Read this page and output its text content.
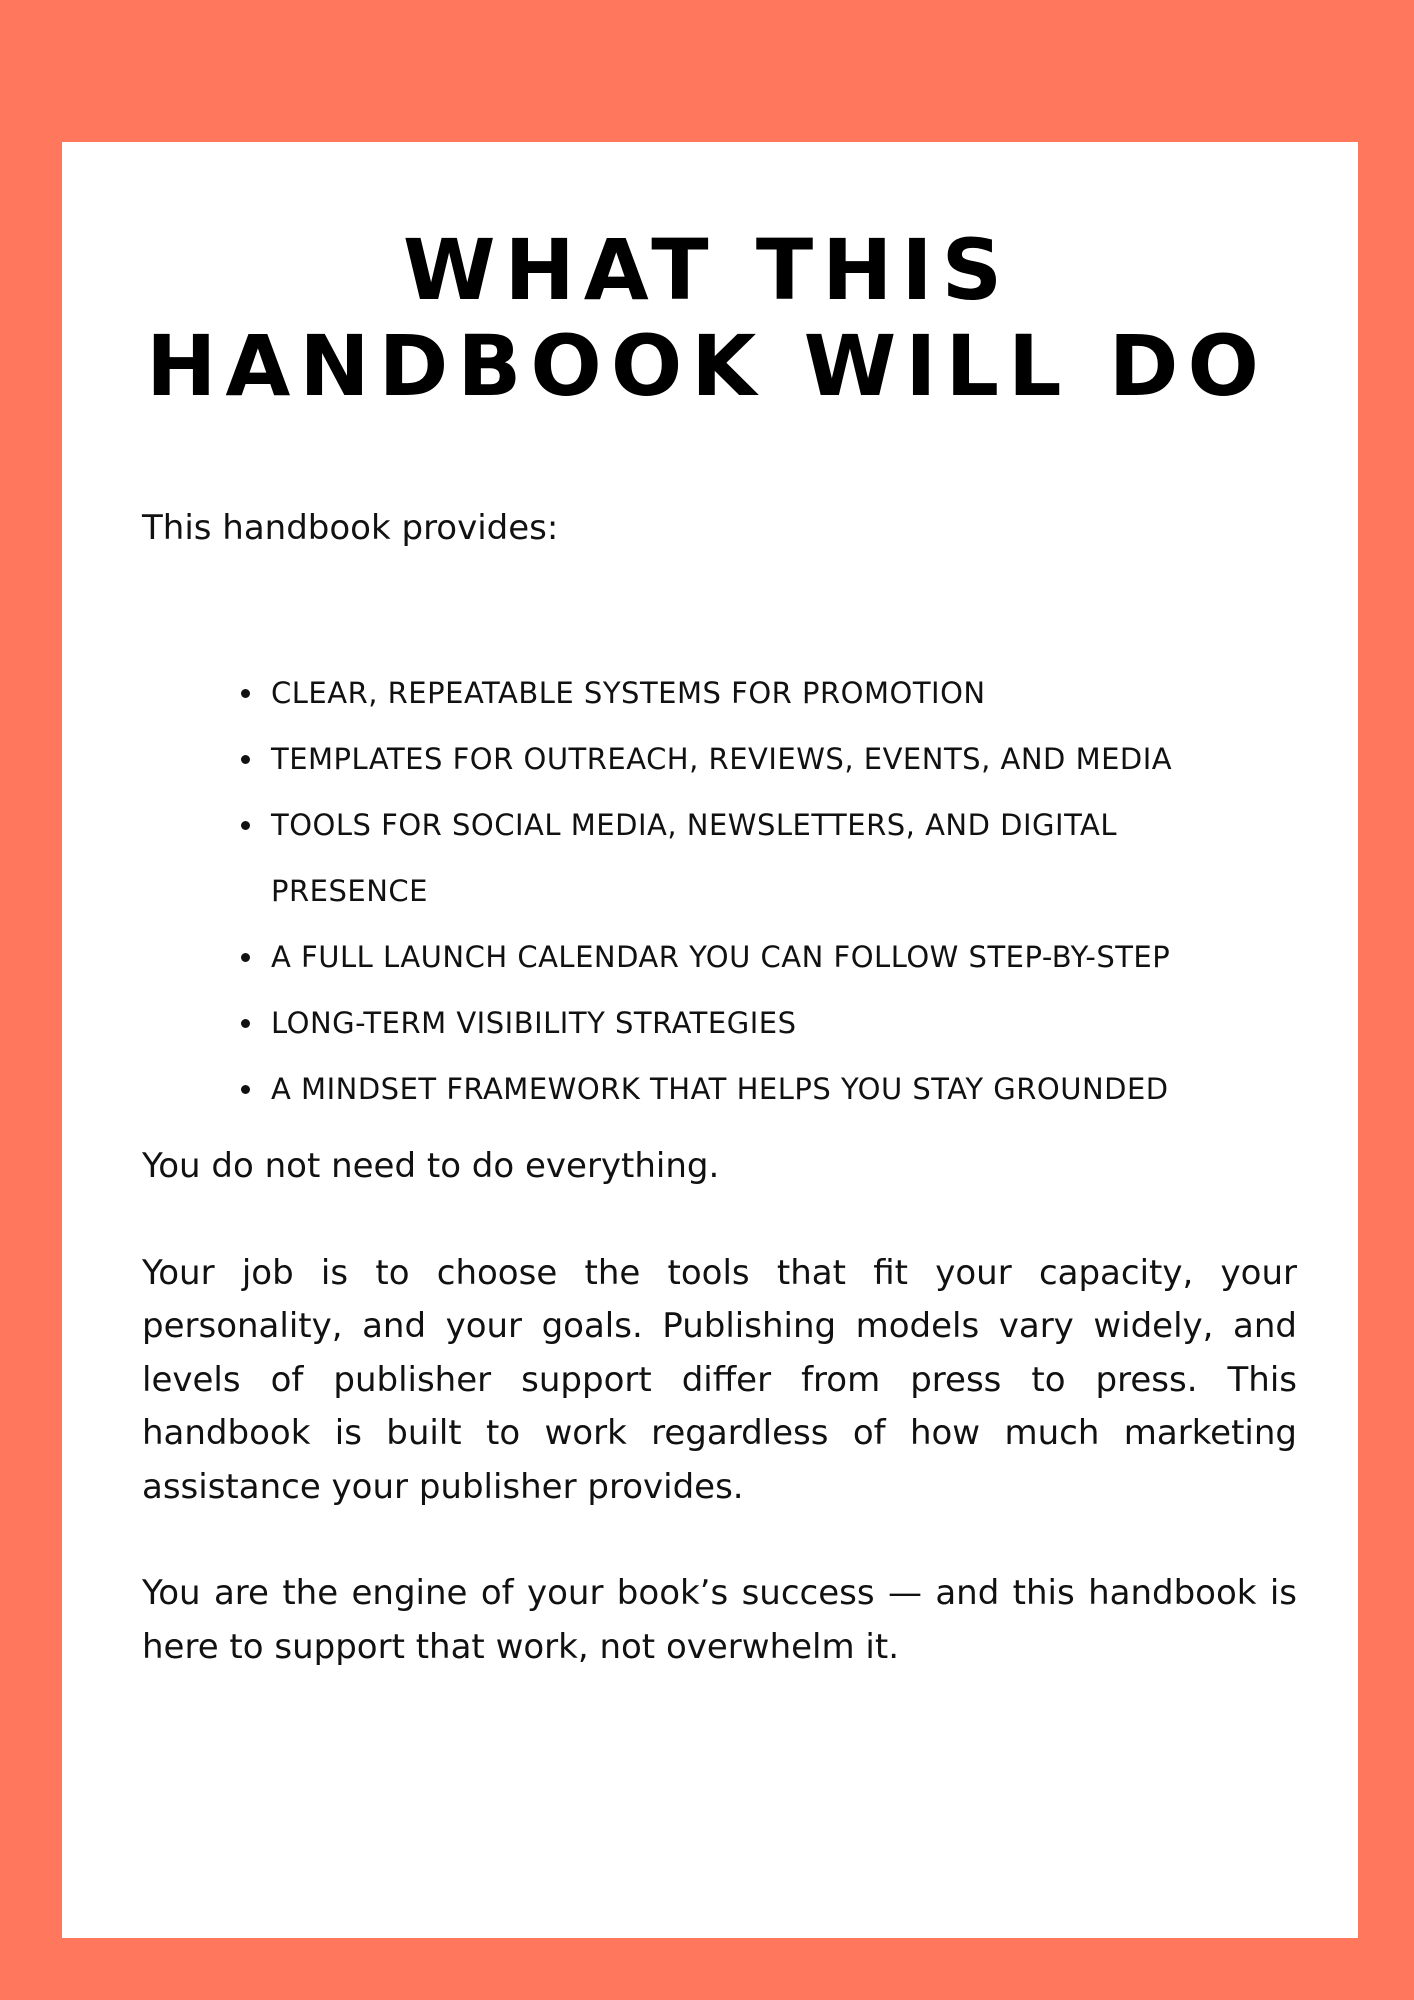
WHAT THIS
HANDBOOK WILL DO

This handbook provides:

CLEAR, REPEATABLE SYSTEMS FOR PROMOTION
TEMPLATES FOR OUTREACH, REVIEWS, EVENTS, AND MEDIA
TOOLS FOR SOCIAL MEDIA, NEWSLETTERS, AND DIGITAL PRESENCE
A FULL LAUNCH CALENDAR YOU CAN FOLLOW STEP-BY-STEP
LONG-TERM VISIBILITY STRATEGIES
A MINDSET FRAMEWORK THAT HELPS YOU STAY GROUNDED

You do not need to do everything.

Your job is to choose the tools that fit your capacity, your personality, and your goals. Publishing models vary widely, and levels of publisher support differ from press to press. This handbook is built to work regardless of how much marketing assistance your publisher provides.

You are the engine of your book’s success — and this handbook is here to support that work, not overwhelm it.
